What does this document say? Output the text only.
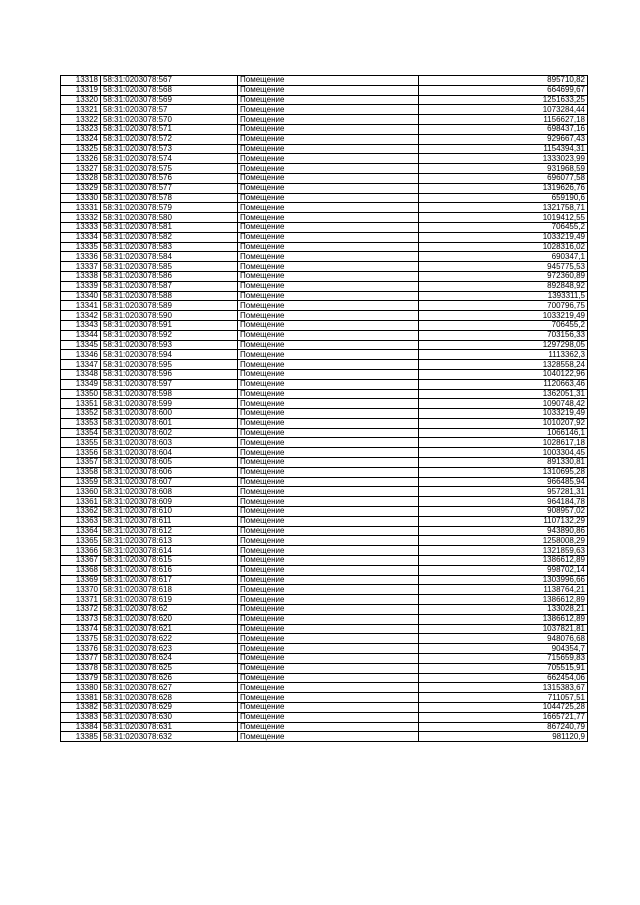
13318	58:31:0203078:567	Помещение	895710,82
13319	58:31:0203078:568	Помещение	664699,67
13320	58:31:0203078:569	Помещение	1251633,25
13321	58:31:0203078:57	Помещение	1073284,44
13322	58:31:0203078:570	Помещение	1156627,18
13323	58:31:0203078:571	Помещение	698437,16
13324	58:31:0203078:572	Помещение	929667,43
13325	58:31:0203078:573	Помещение	1154394,31
13326	58:31:0203078:574	Помещение	1333023,99
13327	58:31:0203078:575	Помещение	931968,59
13328	58:31:0203078:576	Помещение	696077,58
13329	58:31:0203078:577	Помещение	1319626,76
13330	58:31:0203078:578	Помещение	659190,6
13331	58:31:0203078:579	Помещение	1321758,71
13332	58:31:0203078:580	Помещение	1019412,55
13333	58:31:0203078:581	Помещение	706455,2
13334	58:31:0203078:582	Помещение	1033219,49
13335	58:31:0203078:583	Помещение	1028316,02
13336	58:31:0203078:584	Помещение	690347,1
13337	58:31:0203078:585	Помещение	945775,53
13338	58:31:0203078:586	Помещение	972360,89
13339	58:31:0203078:587	Помещение	892848,92
13340	58:31:0203078:588	Помещение	1393311,5
13341	58:31:0203078:589	Помещение	700796,75
13342	58:31:0203078:590	Помещение	1033219,49
13343	58:31:0203078:591	Помещение	706455,2
13344	58:31:0203078:592	Помещение	703156,33
13345	58:31:0203078:593	Помещение	1297298,05
13346	58:31:0203078:594	Помещение	1113362,3
13347	58:31:0203078:595	Помещение	1328558,24
13348	58:31:0203078:596	Помещение	1040122,96
13349	58:31:0203078:597	Помещение	1120663,46
13350	58:31:0203078:598	Помещение	1362051,31
13351	58:31:0203078:599	Помещение	1090748,42
13352	58:31:0203078:600	Помещение	1033219,49
13353	58:31:0203078:601	Помещение	1010207,92
13354	58:31:0203078:602	Помещение	1066146,1
13355	58:31:0203078:603	Помещение	1028617,18
13356	58:31:0203078:604	Помещение	1003304,45
13357	58:31:0203078:605	Помещение	891330,81
13358	58:31:0203078:606	Помещение	1310695,28
13359	58:31:0203078:607	Помещение	966485,94
13360	58:31:0203078:608	Помещение	957281,31
13361	58:31:0203078:609	Помещение	964184,78
13362	58:31:0203078:610	Помещение	908957,02
13363	58:31:0203078:611	Помещение	1107132,29
13364	58:31:0203078:612	Помещение	943890,86
13365	58:31:0203078:613	Помещение	1258008,29
13366	58:31:0203078:614	Помещение	1321859,63
13367	58:31:0203078:615	Помещение	1386612,89
13368	58:31:0203078:616	Помещение	998702,14
13369	58:31:0203078:617	Помещение	1303996,66
13370	58:31:0203078:618	Помещение	1138764,21
13371	58:31:0203078:619	Помещение	1386612,89
13372	58:31:0203078:62	Помещение	133028,21
13373	58:31:0203078:620	Помещение	1386612,89
13374	58:31:0203078:621	Помещение	1037821,81
13375	58:31:0203078:622	Помещение	948076,68
13376	58:31:0203078:623	Помещение	904354,7
13377	58:31:0203078:624	Помещение	715659,83
13378	58:31:0203078:625	Помещение	705515,91
13379	58:31:0203078:626	Помещение	662454,06
13380	58:31:0203078:627	Помещение	1315383,67
13381	58:31:0203078:628	Помещение	711057,51
13382	58:31:0203078:629	Помещение	1044725,28
13383	58:31:0203078:630	Помещение	1665721,77
13384	58:31:0203078:631	Помещение	867240,79
13385	58:31:0203078:632	Помещение	981120,9
